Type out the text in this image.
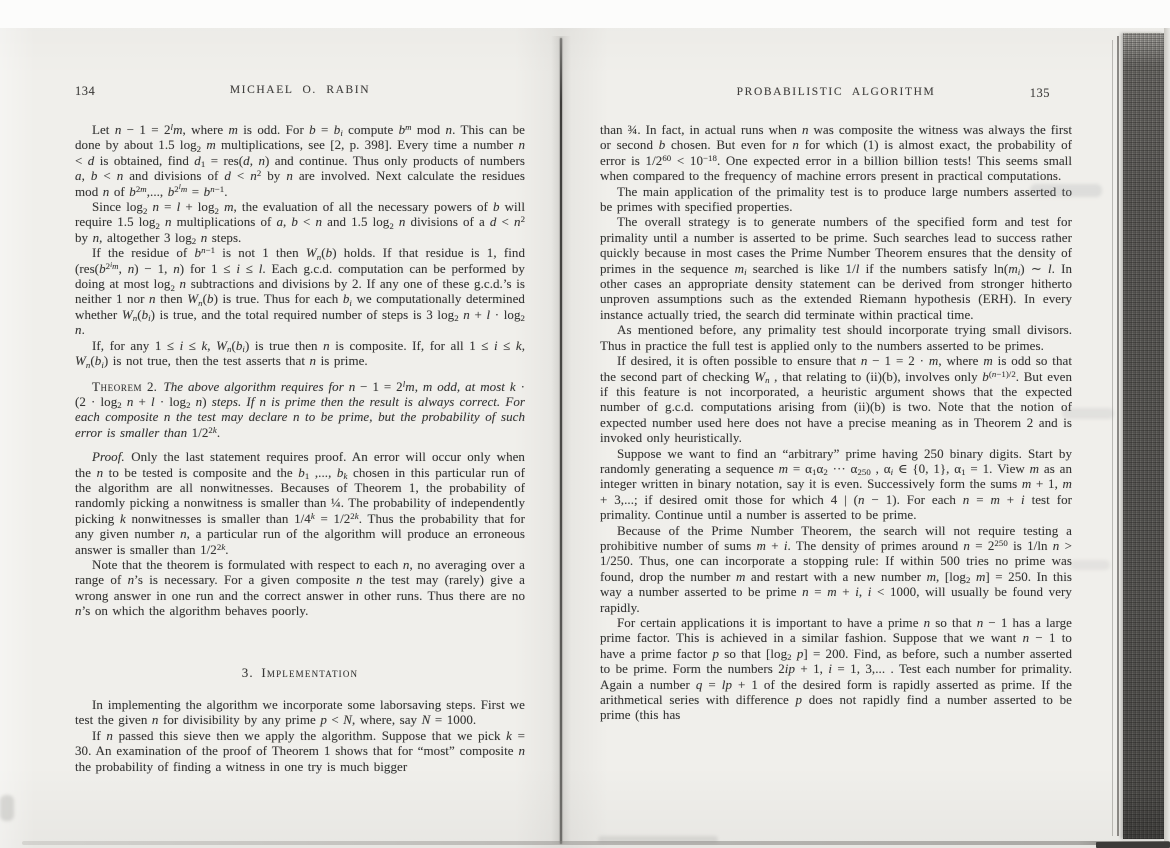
134	MICHAEL O. RABIN

Let $n - 1 = 2^lm$, where m is odd. For $b = b_i$ compute $b^m$ mod n. This can be done by about 1.5 $\log_2 m$ multiplications, see [2, p. 398]. Every time a number n < d is obtained, find $d_1 = res(d$, n) and continue. Thus only products of numbers a, b < n and divisions of $d < n^2$ by n are involved. Next calculate the residues mod n of $b^{2m}$,..., $b^{2^lm} = b^{n-1}$.

Since $\log_2 n = l + \log_2 m$, the evaluation of all the necessary powers of b will require 1.5 $\log_2 n$ multiplications of a, b < n and 1.5 $\log_2 n$ divisions of a $d < n^2$ by n, altogether 3 $\log_2 n$ steps.

If the residue of $b^{n-1}$ is not 1 then $W_n(b)$ holds. If that residue is 1, find ($res(b^{2^im}$, n) − 1, n) for 1 ≤ i ≤ l. Each g.c.d. computation can be performed by doing at most $\log_2 n$ subtractions and divisions by 2. If any one of these g.c.d.’s is neither 1 nor n then $W_n(b)$ is true. Thus for each $b_i$ we computationally determined whether $W_n(b_i)$ is true, and the total required number of steps is 3 $\log_2 n + l \cdot \log_2 n$.

If, for any 1 ≤ i ≤ k, $W_n(b_i)$ is true then n is composite. If, for all 1 ≤ i ≤ k, $W_n(b_i)$ is not true, then the test asserts that n is prime.

Theorem 2. The above algorithm requires for $n - 1 = 2^lm$, m odd, at most $k \cdot (2 \cdot \log_2 n + l \cdot \log_2 n)$ steps. If n is prime then the result is always correct. For each composite n the test may declare n to be prime, but the probability of such error is smaller than $1/2^{2k}$.

Proof. Only the last statement requires proof. An error will occur only when the n to be tested is composite and the $b_1$ ,..., $b_k$ chosen in this particular run of the algorithm are all nonwitnesses. Becauses of Theorem 1, the probability of randomly picking a nonwitness is smaller than ¼. The probability of independently picking k nonwitnesses is smaller than $1/4^k = 1/2^{2k}$. Thus the probability that for any given number n, a particular run of the algorithm will produce an erroneous answer is smaller than $1/2^{2k}$.

Note that the theorem is formulated with respect to each n, no averaging over a range of n’s is necessary. For a given composite n the test may (rarely) give a wrong answer in one run and the correct answer in other runs. Thus there are no n’s on which the algorithm behaves poorly.

3. Implementation

In implementing the algorithm we incorporate some laborsaving steps. First we test the given n for divisibility by any prime p < N, where, say N = 1000.

If n passed this sieve then we apply the algorithm. Suppose that we pick k = 30. An examination of the proof of Theorem 1 shows that for “most” composite n the probability of finding a witness in one try is much bigger

PROBABILISTIC ALGORITHM	135

than ¾. In fact, in actual runs when n was composite the witness was always the first or second b chosen. But even for n for which (1) is almost exact, the probability of error is $1/2^{60} < 10^{-18}$. One expected error in a billion billion tests! This seems small when compared to the frequency of machine errors present in practical computations.

The main application of the primality test is to produce large numbers asserted to be primes with specified properties.

The overall strategy is to generate numbers of the specified form and test for primality until a number is asserted to be prime. Such searches lead to success rather quickly because in most cases the Prime Number Theorem ensures that the density of primes in the sequence $m_i$ searched is like 1/l if the numbers satisfy $\ln(m_i)$ ∼ l. In other cases an appropriate density statement can be derived from stronger hitherto unproven assumptions such as the extended Riemann hypothesis (ERH). In every instance actually tried, the search did terminate within practical time.

As mentioned before, any primality test should incorporate trying small divisors. Thus in practice the full test is applied only to the numbers asserted to be primes.

If desired, it is often possible to ensure that n − 1 = 2 · m, where m is odd so that the second part of checking $W_n$ , that relating to (ii)(b), involves only $b^{(n-1)/2}$. But even if this feature is not incorporated, a heuristic argument shows that the expected number of g.c.d. computations arising from (ii)(b) is two. Note that the notion of expected number used here does not have a precise meaning as in Theorem 2 and is invoked only heuristically.

Suppose we want to find an “arbitrary” prime having 250 binary digits. Start by randomly generating a sequence $m = \alpha_1\alpha_2$ ··· $\alpha_{250}$ , $\alpha_i$ ∈ {0, 1}, $\alpha_1 = 1$. View m as an integer written in binary notation, say it is even. Successively form the sums m + 1, m + 3,...; if desired omit those for which 4 | (n − 1). For each n = m + i test for primality. Continue until a number is asserted to be prime.

Because of the Prime Number Theorem, the search will not require testing a prohibitive number of sums m + i. The density of primes around $n = 2^{250}$ is 1/ln n > 1/250. Thus, one can incorporate a stopping rule: If within 500 tries no prime was found, drop the number m and restart with a new number m, [$\log_2$ m] = 250. In this way a number asserted to be prime n = m + i, i < 1000, will usually be found very rapidly.

For certain applications it is important to have a prime n so that n − 1 has a large prime factor. This is achieved in a similar fashion. Suppose that we want n − 1 to have a prime factor p so that [$\log_2$ p] = 200. Find, as before, such a number asserted to be prime. Form the numbers 2ip + 1, i = 1, 3,... . Test each number for primality. Again a number q = lp + 1 of the desired form is rapidly asserted as prime. If the arithmetical series with difference p does not rapidly find a number asserted to be prime (this has
